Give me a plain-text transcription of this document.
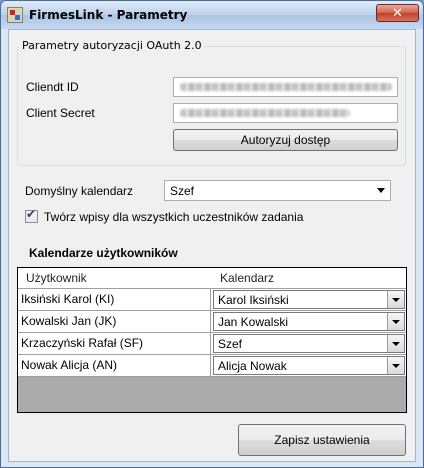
FirmesLink - Parametry	✕
Cliendt ID
Client Secret
Autoryzuj dostęp
Parametry autoryzacji OAuth 2.0
Domyślny kalendarz	Szef
✔ Twórz wpisy dla wszystkich uczestników zadania
Kalendarze użytkowników
Użytkownik	Kalendarz
Iksiński Karol (KI)	Karol Iksiński
Kowalski Jan (JK)	Jan Kowalski
Krzaczyński Rafał (SF)	Szef
Nowak Alicja (AN)	Alicja Nowak
Zapisz ustawienia
